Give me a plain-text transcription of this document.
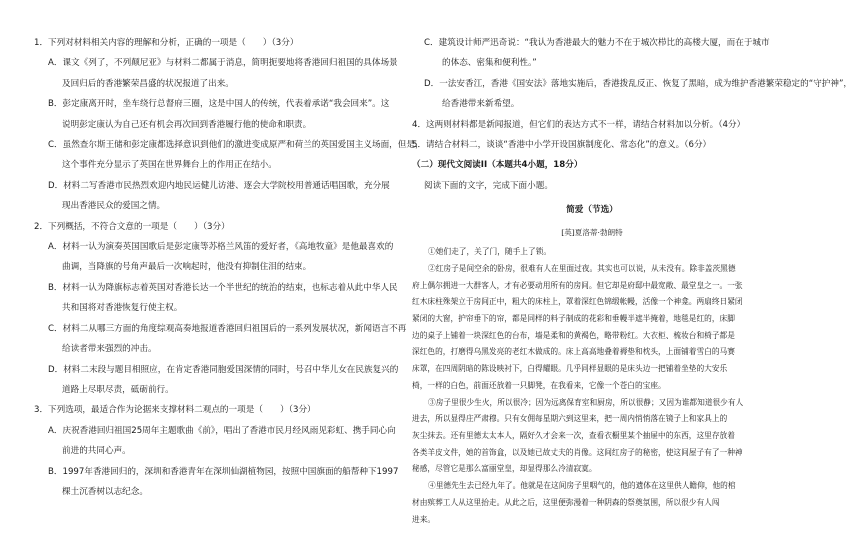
1．下列对材料相关内容的理解和分析，正确的一项是（　　）（3分）
A．课文《列了，不列颠尼亚》与材料二都属于消息，简明扼要地将香港回归祖国的具体场景
及回归后的香港繁荣昌盛的状况报道了出来。
B．彭定康离开时，坐车绕行总督府三圈，这是中国人的传统，代表着承诺“我会回来”。这
说明彭定康认为自己还有机会再次回到香港履行他的使命和职责。
C．虽然查尔斯王储和彭定康都选择意识到他们的激进变成原严和荷兰的英国爱国主义场面，但是，
这个事件充分显示了英国在世界舞台上的作用正在结小。
D．材料二写香港市民热烈欢迎内地民运健儿访港、逐会大学院校用普通话唱国歌，充分展
现出香港民众的爱国之情。
2．下列概括，不符合文意的一项是（　　）（3分）
A．材料一认为演奏英国国歌后是彭定康等苏格兰风笛的爱好者，《高地牧童》是他最喜欢的
曲调，当降旗的号角声最后一次响起时，他没有抑制住泪的结束。
B．材料一认为降旗标志着英国对香港长达一个半世纪的统治的结束，也标志着从此中华人民
共和国将对香港恢复行使主权。
C．材料二从哪三方面的角度综观高奏地报道香港回归祖国后的一系列发展状况，新闻语言不再
给读者带来强烈的冲击。
D．材料二末段与题目相照应，在肯定香港同胞爱国深情的同时，号召中华儿女在民族复兴的
道路上尽职尽责，砥砺前行。
3．下列选项，最适合作为论据来支撑材料二观点的一项是（　　）（3分）
A．庆祝香港回归祖国25周年主题歌曲《前》，唱出了香港市民月经风雨见彩虹、携手同心向
前进的共同心声。
B．1997年香港回归的，深圳和香港青年在深圳仙湖植物园，按照中国旗面的船帮种下1997
棵土沉香树以志纪念。
C．建筑设计师严迅奇说：“我认为香港最大的魅力不在于城次栉比的高楼大厦，而在于城市
的体态、密集和便利性。”
D．一法安香江，香港《国安法》落地实施后，香港拨乱反正、恢复了黑暗，成为维护香港繁荣稳定的“守护神”，
给香港带来新希望。
4．这两则材料都是新闻报道，但它们的表达方式不一样，请结合材料加以分析。（4分）
5．请结合材料二，谈谈“香港中小学开设国旗制度化、常态化”的意义。（6分）
（二）现代文阅读II（本题共4小题，18分）
阅读下面的文字，完成下面小题。
简爱（节选）
[英]夏洛蒂·勃朗特
①她们走了，关了门，随手上了锁。
②红房子是间空余的卧房，很难有人在里面过夜。其实也可以说，从未没有。除非盖茨黑德
府上偶尔拥进一大群客人，才有必要动用所有的房间。但它却是府邸中最宽敞、最堂皇之一。一张
红木床柱殊架立于房间正中，粗大的床柱上，罩着深红色锦缎帐幔，活像一个神龛。两扇终日紧闭
紧闭的大窗，护帘垂下的帘，都是同样的料子制成的花彩和垂幔半遮半掩着，地毯是红的，床脚
边的桌子上铺着一块深红色的台布，墙是柔和的黄褐色，略带粉红。大衣柜、梳妆台和椅子都是
深红色的，打磨得乌黑发亮的老红木做成的。床上高高地叠着褥垫和枕头，上面铺着雪白的马赛
床罩，在四周阴暗的陈设映衬下，白得耀眼。几乎同样显眼的是床头边一把铺着坐垫的大安乐
椅，一样的白色，前面还放着一只脚凳，在我看来，它像一个苍白的宝座。
③房子里很少生火，所以很冷；因为远离保育室和厨房，所以很静；又因为谁都知道很少有人
进去，所以显得庄严肃穆。只有女佣每星期六到这里来，把一周内悄悄落在镜子上和家具上的
灰尘抹去。还有里德太太本人，隔好久才会来一次，查看衣橱里某个抽屉中的东西，这里存放着
各类羊皮文件，她的首饰盒，以及她已故丈夫的肖像。这间红房子的秘密，使这间屋子有了一种神
秘感，尽管它是那么富丽堂皇，却显得那么冷清寂寞。
④里德先生去已经九年了。他就是在这间房子里咽气的，他的遗体在这里供人瞻仰，他的棺
材由殡葬工人从这里抬走。从此之后，这里便弥漫着一种阴森的祭奠氛围，所以很少有人闯
进来。
